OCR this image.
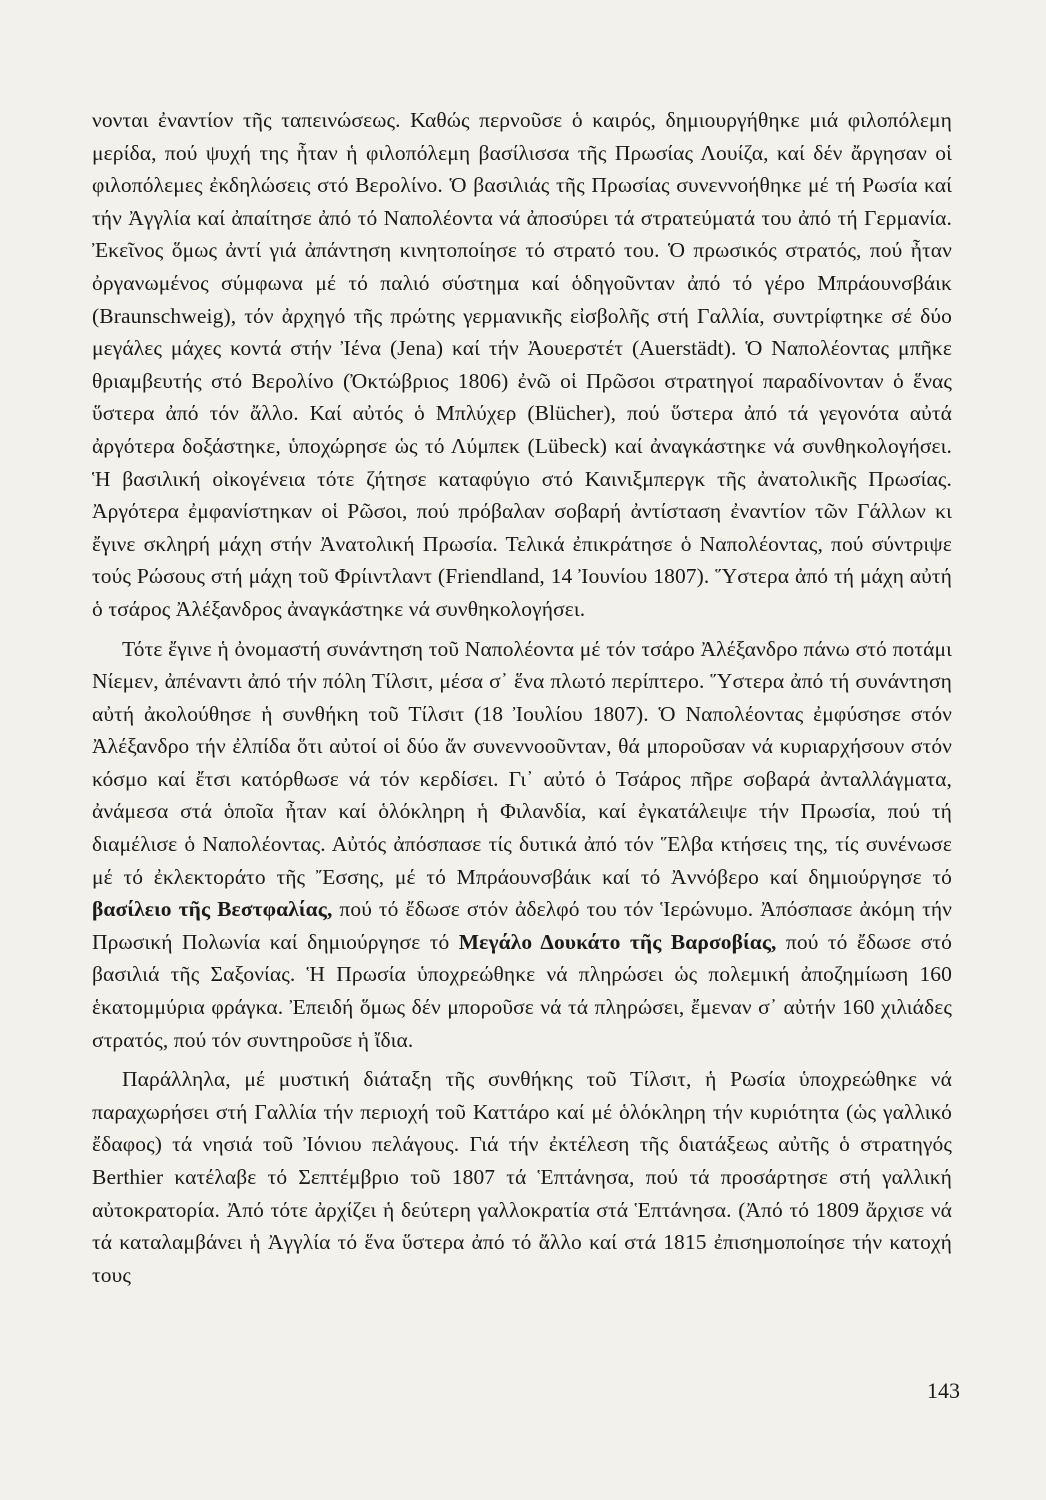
νονται ἐναντίον τῆς ταπεινώσεως. Καθώς περνοῦσε ὁ καιρός, δημιουργήθηκε μιά φιλοπόλεμη μερίδα, πού ψυχή της ἦταν ἡ φιλοπόλεμη βασίλισσα τῆς Πρωσίας Λουίζα, καί δέν ἄργησαν οἱ φιλοπόλεμες ἐκδηλώσεις στό Βερολίνο. Ὁ βασιλιάς τῆς Πρωσίας συνεννοήθηκε μέ τή Ρωσία καί τήν Ἀγγλία καί ἀπαίτησε ἀπό τό Ναπολέοντα νά ἀποσύρει τά στρατεύματά του ἀπό τή Γερμανία. Ἐκεῖνος ὅμως ἀντί γιά ἀπάντηση κινητοποίησε τό στρατό του. Ὁ πρωσικός στρατός, πού ἦταν ὀργανωμένος σύμφωνα μέ τό παλιό σύστημα καί ὁδηγοῦνταν ἀπό τό γέρο Μπράουνσβάικ (Braunschweig), τόν ἀρχηγό τῆς πρώτης γερμανικῆς εἰσβολῆς στή Γαλλία, συντρίφτηκε σέ δύο μεγάλες μάχες κοντά στήν Ἰένα (Jena) καί τήν Ἀουερστέτ (Auerstädt). Ὁ Ναπολέοντας μπῆκε θριαμβευτής στό Βερολίνο (Ὀκτώβριος 1806) ἐνῶ οἱ Πρῶσοι στρατηγοί παραδίνονταν ὁ ἕνας ὕστερα ἀπό τόν ἄλλο. Καί αὐτός ὁ Μπλύχερ (Blücher), πού ὕστερα ἀπό τά γεγονότα αὐτά ἀργότερα δοξάστηκε, ὑποχώρησε ὡς τό Λύμπεκ (Lübeck) καί ἀναγκάστηκε νά συνθηκολογήσει. Ἡ βασιλική οἰκογένεια τότε ζήτησε καταφύγιο στό Καινιξμπεργκ τῆς ἀνατολικῆς Πρωσίας. Ἀργότερα ἐμφανίστηκαν οἱ Ρῶσοι, πού πρόβαλαν σοβαρή ἀντίσταση ἐναντίον τῶν Γάλλων κι ἔγινε σκληρή μάχη στήν Ἀνατολική Πρωσία. Τελικά ἐπικράτησε ὁ Ναπολέοντας, πού σύντριψε τούς Ρώσους στή μάχη τοῦ Φρίιντλαντ (Friendland, 14 Ἰουνίου 1807). Ὕστερα ἀπό τή μάχη αὐτή ὁ τσάρος Ἀλέξανδρος ἀναγκάστηκε νά συνθηκολογήσει.

Τότε ἔγινε ἡ ὀνομαστή συνάντηση τοῦ Ναπολέοντα μέ τόν τσάρο Ἀλέξανδρο πάνω στό ποτάμι Νίεμεν, ἀπέναντι ἀπό τήν πόλη Τίλσιτ, μέσα σ᾽ ἕνα πλωτό περίπτερο. Ὕστερα ἀπό τή συνάντηση αὐτή ἀκολούθησε ἡ συνθήκη τοῦ Τίλσιτ (18 Ἰουλίου 1807). Ὁ Ναπολέοντας ἐμφύσησε στόν Ἀλέξανδρο τήν ἐλπίδα ὅτι αὐτοί οἱ δύο ἄν συνεννοοῦνταν, θά μποροῦσαν νά κυριαρχήσουν στόν κόσμο καί ἔτσι κατόρθωσε νά τόν κερδίσει. Γι᾽ αὐτό ὁ Τσάρος πῆρε σοβαρά ἀνταλλάγματα, ἀνάμεσα στά ὁποῖα ἦταν καί ὁλόκληρη ἡ Φιλανδία, καί ἐγκατάλειψε τήν Πρωσία, πού τή διαμέλισε ὁ Ναπολέοντας. Αὐτός ἀπόσπασε τίς δυτικά ἀπό τόν Ἕλβα κτήσεις της, τίς συνένωσε μέ τό ἐκλεκτοράτο τῆς Ἔσσης, μέ τό Μπράουνσβάικ καί τό Ἀννόβερο καί δημιούργησε τό βασίλειο τῆς Βεστφαλίας, πού τό ἔδωσε στόν ἀδελφό του τόν Ἱερώνυμο. Ἀπόσπασε ἀκόμη τήν Πρωσική Πολωνία καί δημιούργησε τό Μεγάλο Δουκάτο τῆς Βαρσοβίας, πού τό ἔδωσε στό βασιλιά τῆς Σαξονίας. Ἡ Πρωσία ὑποχρεώθηκε νά πληρώσει ὡς πολεμική ἀποζημίωση 160 ἑκατομμύρια φράγκα. Ἐπειδή ὅμως δέν μποροῦσε νά τά πληρώσει, ἔμεναν σ᾽ αὐτήν 160 χιλιάδες στρατός, πού τόν συντηροῦσε ἡ ἴδια.

Παράλληλα, μέ μυστική διάταξη τῆς συνθήκης τοῦ Τίλσιτ, ἡ Ρωσία ὑποχρεώθηκε νά παραχωρήσει στή Γαλλία τήν περιοχή τοῦ Καττάρο καί μέ ὁλόκληρη τήν κυριότητα (ὡς γαλλικό ἔδαφος) τά νησιά τοῦ Ἰόνιου πελάγους. Γιά τήν ἐκτέλεση τῆς διατάξεως αὐτῆς ὁ στρατηγός Berthier κατέλαβε τό Σεπτέμβριο τοῦ 1807 τά Ἑπτάνησα, πού τά προσάρτησε στή γαλλική αὐτοκρατορία. Ἀπό τότε ἀρχίζει ἡ δεύτερη γαλλοκρατία στά Ἑπτάνησα. (Ἀπό τό 1809 ἄρχισε νά τά καταλαμβάνει ἡ Ἀγγλία τό ἕνα ὕστερα ἀπό τό ἄλλο καί στά 1815 ἐπισημοποίησε τήν κατοχή τους

143
